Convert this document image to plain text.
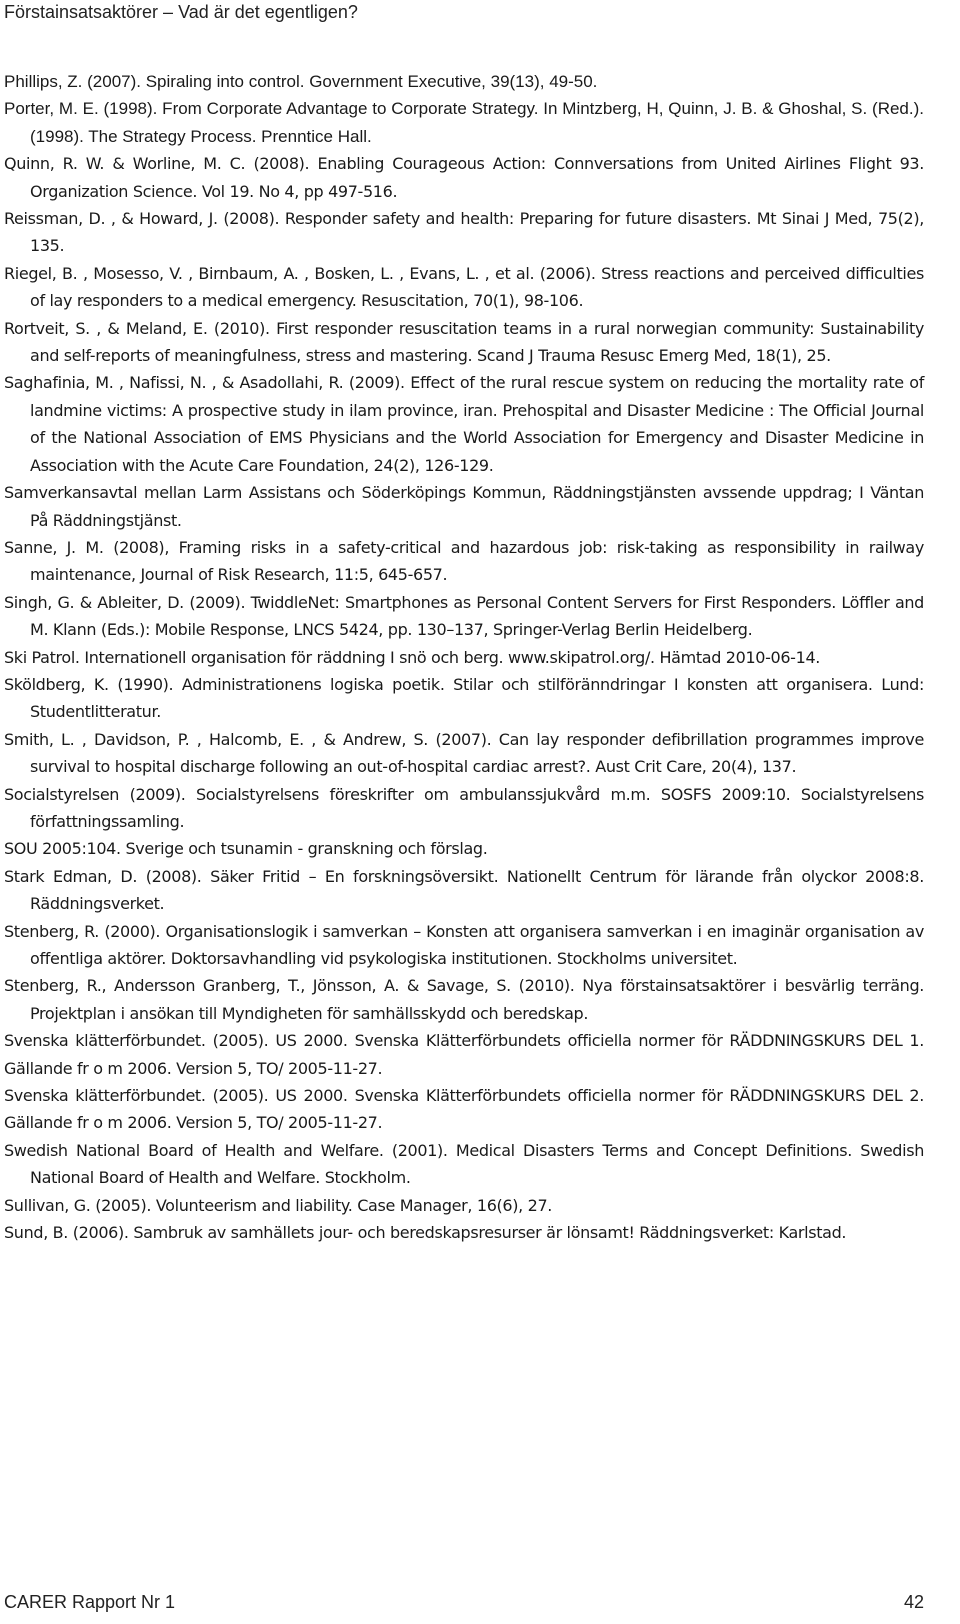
Förstainsatsaktörer – Vad är det egentligen?

Phillips, Z. (2007). Spiraling into control. Government Executive, 39(13), 49-50.

Porter, M. E. (1998). From Corporate Advantage to Corporate Strategy. In Mintzberg, H, Quinn, J. B. & Ghoshal, S. (Red.). (1998). The Strategy Process. Prenntice Hall.

Quinn, R. W. & Worline, M. C. (2008). Enabling Courageous Action: Connversations from United Airlines Flight 93. Organization Science. Vol 19. No 4, pp 497-516.

Reissman, D. , & Howard, J. (2008). Responder safety and health: Preparing for future disasters. Mt Sinai J Med, 75(2), 135.

Riegel, B. , Mosesso, V. , Birnbaum, A. , Bosken, L. , Evans, L. , et al. (2006). Stress reactions and perceived difficulties of lay responders to a medical emergency. Resuscitation, 70(1), 98-106.

Rortveit, S. , & Meland, E. (2010). First responder resuscitation teams in a rural norwegian community: Sustainability and self-reports of meaningfulness, stress and mastering. Scand J Trauma Resusc Emerg Med, 18(1), 25.

Saghafinia, M. , Nafissi, N. , & Asadollahi, R. (2009). Effect of the rural rescue system on reducing the mortality rate of landmine victims: A prospective study in ilam province, iran. Prehospital and Disaster Medicine : The Official Journal of the National Association of EMS Physicians and the World Association for Emergency and Disaster Medicine in Association with the Acute Care Foundation, 24(2), 126-129.

Samverkansavtal mellan Larm Assistans och Söderköpings Kommun, Räddningstjänsten avssende uppdrag; I Väntan På Räddningstjänst.

Sanne, J. M. (2008), Framing risks in a safety-critical and hazardous job: risk-taking as responsibility in railway maintenance, Journal of Risk Research, 11:5, 645-657.

Singh, G. & Ableiter, D. (2009). TwiddleNet: Smartphones as Personal Content Servers for First Responders. Löffler and M. Klann (Eds.): Mobile Response, LNCS 5424, pp. 130–137, Springer-Verlag Berlin Heidelberg.

Ski Patrol. Internationell organisation för räddning I snö och berg. www.skipatrol.org/. Hämtad 2010-06-14.

Sköldberg, K. (1990). Administrationens logiska poetik. Stilar och stilföränndringar I konsten att organisera. Lund: Studentlitteratur.

Smith, L. , Davidson, P. , Halcomb, E. , & Andrew, S. (2007). Can lay responder defibrillation programmes improve survival to hospital discharge following an out-of-hospital cardiac arrest?. Aust Crit Care, 20(4), 137.

Socialstyrelsen (2009). Socialstyrelsens föreskrifter om ambulanssjukvård m.m. SOSFS 2009:10. Socialstyrelsens författningssamling.

SOU 2005:104. Sverige och tsunamin - granskning och förslag.

Stark Edman, D. (2008). Säker Fritid – En forskningsöversikt. Nationellt Centrum för lärande från olyckor 2008:8. Räddningsverket.

Stenberg, R. (2000). Organisationslogik i samverkan – Konsten att organisera samverkan i en imaginär organisation av offentliga aktörer. Doktorsavhandling vid psykologiska institutionen. Stockholms universitet.

Stenberg, R., Andersson Granberg, T., Jönsson, A. & Savage, S. (2010). Nya förstainsatsaktörer i besvärlig terräng. Projektplan i ansökan till Myndigheten för samhällsskydd och beredskap.

Svenska klätterförbundet. (2005). US 2000. Svenska Klätterförbundets officiella normer för RÄDDNINGSKURS DEL 1. Gällande fr o m 2006. Version 5, TO/ 2005-11-27.

Svenska klätterförbundet. (2005). US 2000. Svenska Klätterförbundets officiella normer för RÄDDNINGSKURS DEL 2. Gällande fr o m 2006. Version 5, TO/ 2005-11-27.

Swedish National Board of Health and Welfare. (2001). Medical Disasters Terms and Concept Definitions. Swedish National Board of Health and Welfare. Stockholm.

Sullivan, G. (2005). Volunteerism and liability. Case Manager, 16(6), 27.

Sund, B. (2006). Sambruk av samhällets jour- och beredskapsresurser är lönsamt! Räddningsverket: Karlstad.

CARER Rapport Nr 1	42
